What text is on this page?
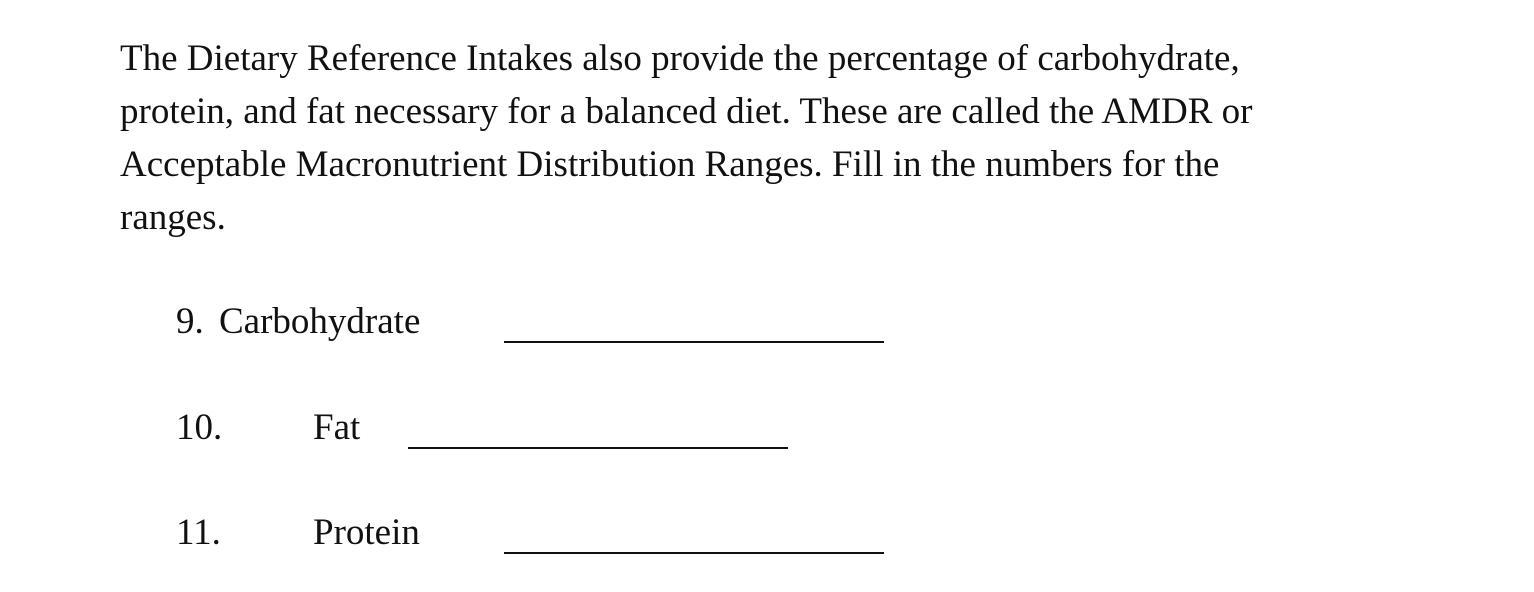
The Dietary Reference Intakes also provide the percentage of carbohydrate,
protein, and fat necessary for a balanced diet. These are called the AMDR or
Acceptable Macronutrient Distribution Ranges. Fill in the numbers for the
ranges.
9. Carbohydrate
10. Fat
11. Protein
